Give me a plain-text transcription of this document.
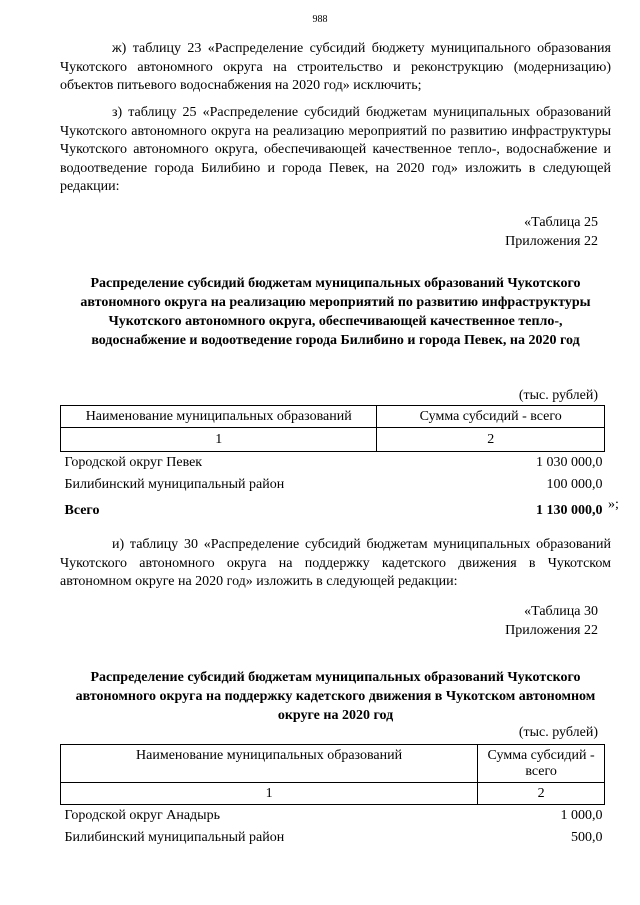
988

ж) таблицу 23 «Распределение субсидий бюджету муниципального образования Чукотского автономного округа на строительство и реконструкцию (модернизацию) объектов питьевого водоснабжения на 2020 год» исключить;

з) таблицу 25 «Распределение субсидий бюджетам муниципальных образований Чукотского автономного округа на реализацию мероприятий по развитию инфраструктуры Чукотского автономного округа, обеспечивающей качественное тепло-, водоснабжение и водоотведение города Билибино и города Певек, на 2020 год» изложить в следующей редакции:

«Таблица 25
Приложения 22
Распределение субсидий бюджетам муниципальных образований Чукотского автономного округа на реализацию мероприятий по развитию инфраструктуры Чукотского автономного округа, обеспечивающей качественное тепло-, водоснабжение и водоотведение города Билибино и города Певек, на 2020 год
(тыс. рублей)
Наименование муниципальных образований	Сумма субсидий - всего
1	2
Городской округ Певек	1 030 000,0
Билибинский муниципальный район	100 000,0
Всего	1 130 000,0 »;

и) таблицу 30 «Распределение субсидий бюджетам муниципальных образований Чукотского автономного округа на поддержку кадетского движения в Чукотском автономном округе на 2020 год» изложить в следующей редакции:

«Таблица 30
Приложения 22
Распределение субсидий бюджетам муниципальных образований Чукотского автономного округа на поддержку кадетского движения в Чукотском автономном округе на 2020 год
(тыс. рублей)
Наименование муниципальных образований	Сумма субсидий - всего
1	2
Городской округ Анадырь	1 000,0
Билибинский муниципальный район	500,0
